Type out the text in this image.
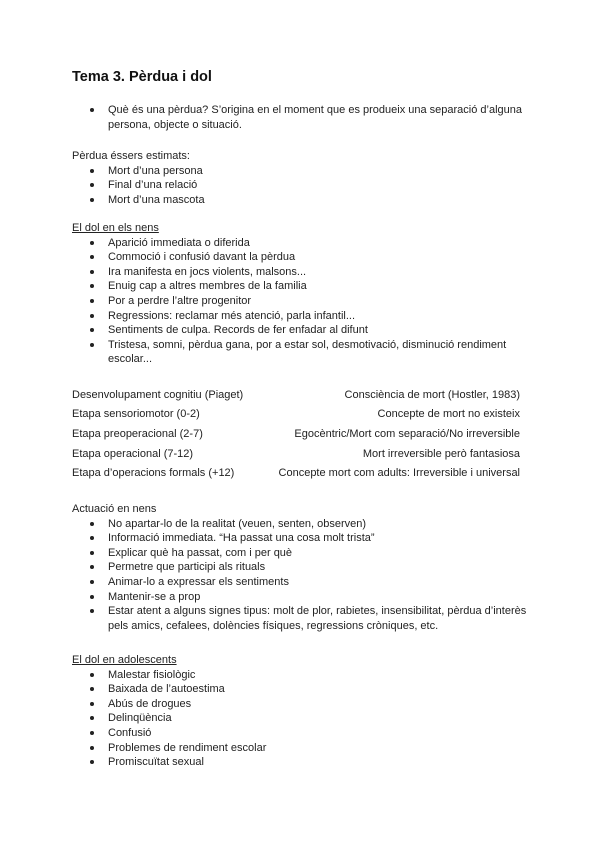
Tema 3. Pèrdua i dol
Què és una pèrdua? S’origina en el moment que es produeix una separació d’alguna persona, objecte o situació.

Pèrdua éssers estimats:

Mort d’una persona
Final d’una relació
Mort d’una mascota

El dol en els nens

Aparició immediata o diferida
Commoció i confusió davant la pèrdua
Ira manifesta en jocs violents, malsons...
Enuig cap a altres membres de la familia
Por a perdre l’altre progenitor
Regressions: reclamar més atenció, parla infantil...
Sentiments de culpa. Records de fer enfadar al difunt
Tristesa, somni, pèrdua gana, por a estar sol, desmotivació, disminució rendiment escolar...
Desenvolupament cognitiu (Piaget)	Consciència de mort (Hostler, 1983)
Etapa sensoriomotor (0-2)	Concepte de mort no existeix
Etapa preoperacional (2-7)	Egocèntric/Mort com separació/No irreversible
Etapa operacional (7-12)	Mort irreversible però fantasiosa
Etapa d’operacions formals (+12)	Concepte mort com adults: Irreversible i universal

Actuació en nens

No apartar-lo de la realitat (veuen, senten, observen)
Informació immediata. “Ha passat una cosa molt trista”
Explicar què ha passat, com i per què
Permetre que participi als rituals
Animar-lo a expressar els sentiments
Mantenir-se a prop
Estar atent a alguns signes tipus: molt de plor, rabietes, insensibilitat, pèrdua d’interès pels amics, cefalees, dolències físiques, regressions cròniques, etc.

El dol en adolescents

Malestar fisiològic
Baixada de l’autoestima
Abús de drogues
Delinqüència
Confusió
Problemes de rendiment escolar
Promiscuïtat sexual
